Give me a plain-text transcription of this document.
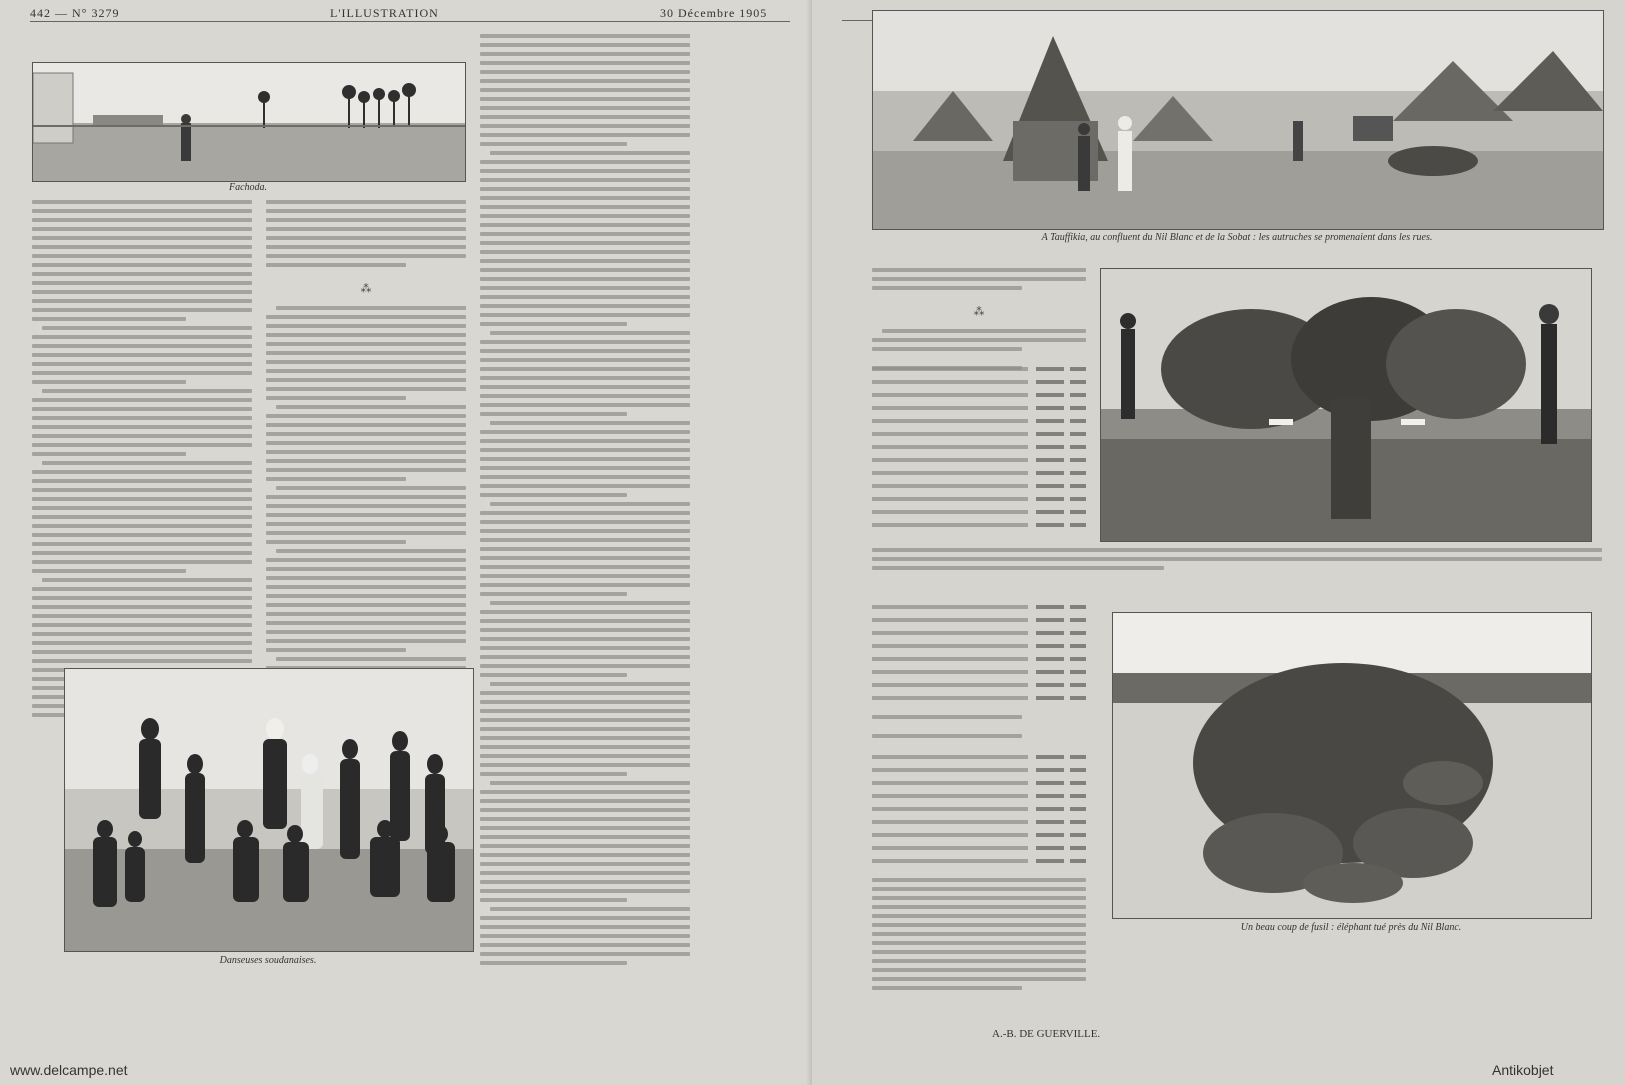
442 — N° 3279	L'ILLUSTRATION	30 Décembre 1905
Fachoda.
⁂
Danseuses soudanaises.
www.delcampe.net
A Tauffikia, au confluent du Nil Blanc et de la Sobat : les autruches se promenaient dans les rues.
⁂
A.-B. DE GUERVILLE.
Un beau coup de fusil : éléphant tué près du Nil Blanc.
Antikobjet
